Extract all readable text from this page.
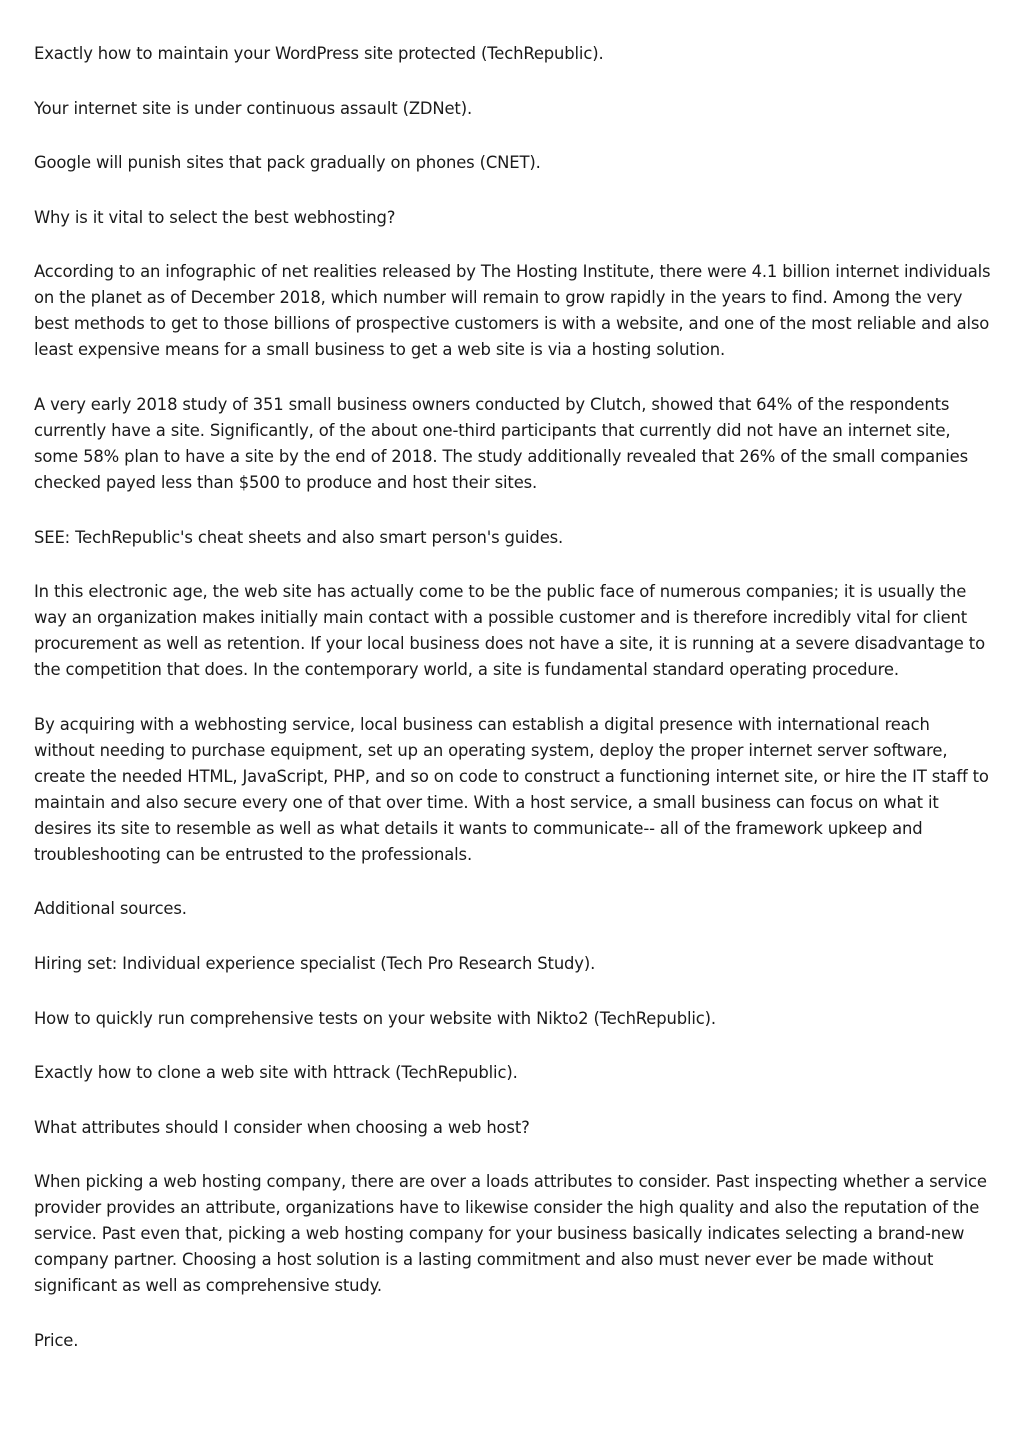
Exactly how to maintain your WordPress site protected (TechRepublic).

Your internet site is under continuous assault (ZDNet).

Google will punish sites that pack gradually on phones (CNET).

Why is it vital to select the best webhosting?

According to an infographic of net realities released by The Hosting Institute, there were 4.1 billion internet individuals on the planet as of December 2018, which number will remain to grow rapidly in the years to find. Among the very best methods to get to those billions of prospective customers is with a website, and one of the most reliable and also least expensive means for a small business to get a web site is via a hosting solution.

A very early 2018 study of 351 small business owners conducted by Clutch, showed that 64% of the respondents currently have a site. Significantly, of the about one-third participants that currently did not have an internet site, some 58% plan to have a site by the end of 2018. The study additionally revealed that 26% of the small companies checked payed less than $500 to produce and host their sites.

SEE: TechRepublic's cheat sheets and also smart person's guides.

In this electronic age, the web site has actually come to be the public face of numerous companies; it is usually the way an organization makes initially main contact with a possible customer and is therefore incredibly vital for client procurement as well as retention. If your local business does not have a site, it is running at a severe disadvantage to the competition that does. In the contemporary world, a site is fundamental standard operating procedure.

By acquiring with a webhosting service, local business can establish a digital presence with international reach without needing to purchase equipment, set up an operating system, deploy the proper internet server software, create the needed HTML, JavaScript, PHP, and so on code to construct a functioning internet site, or hire the IT staff to maintain and also secure every one of that over time. With a host service, a small business can focus on what it desires its site to resemble as well as what details it wants to communicate-- all of the framework upkeep and troubleshooting can be entrusted to the professionals.

Additional sources.

Hiring set: Individual experience specialist (Tech Pro Research Study).

How to quickly run comprehensive tests on your website with Nikto2 (TechRepublic).

Exactly how to clone a web site with httrack (TechRepublic).

What attributes should I consider when choosing a web host?

When picking a web hosting company, there are over a loads attributes to consider. Past inspecting whether a service provider provides an attribute, organizations have to likewise consider the high quality and also the reputation of the service. Past even that, picking a web hosting company for your business basically indicates selecting a brand-new company partner. Choosing a host solution is a lasting commitment and also must never ever be made without significant as well as comprehensive study.

Price.
